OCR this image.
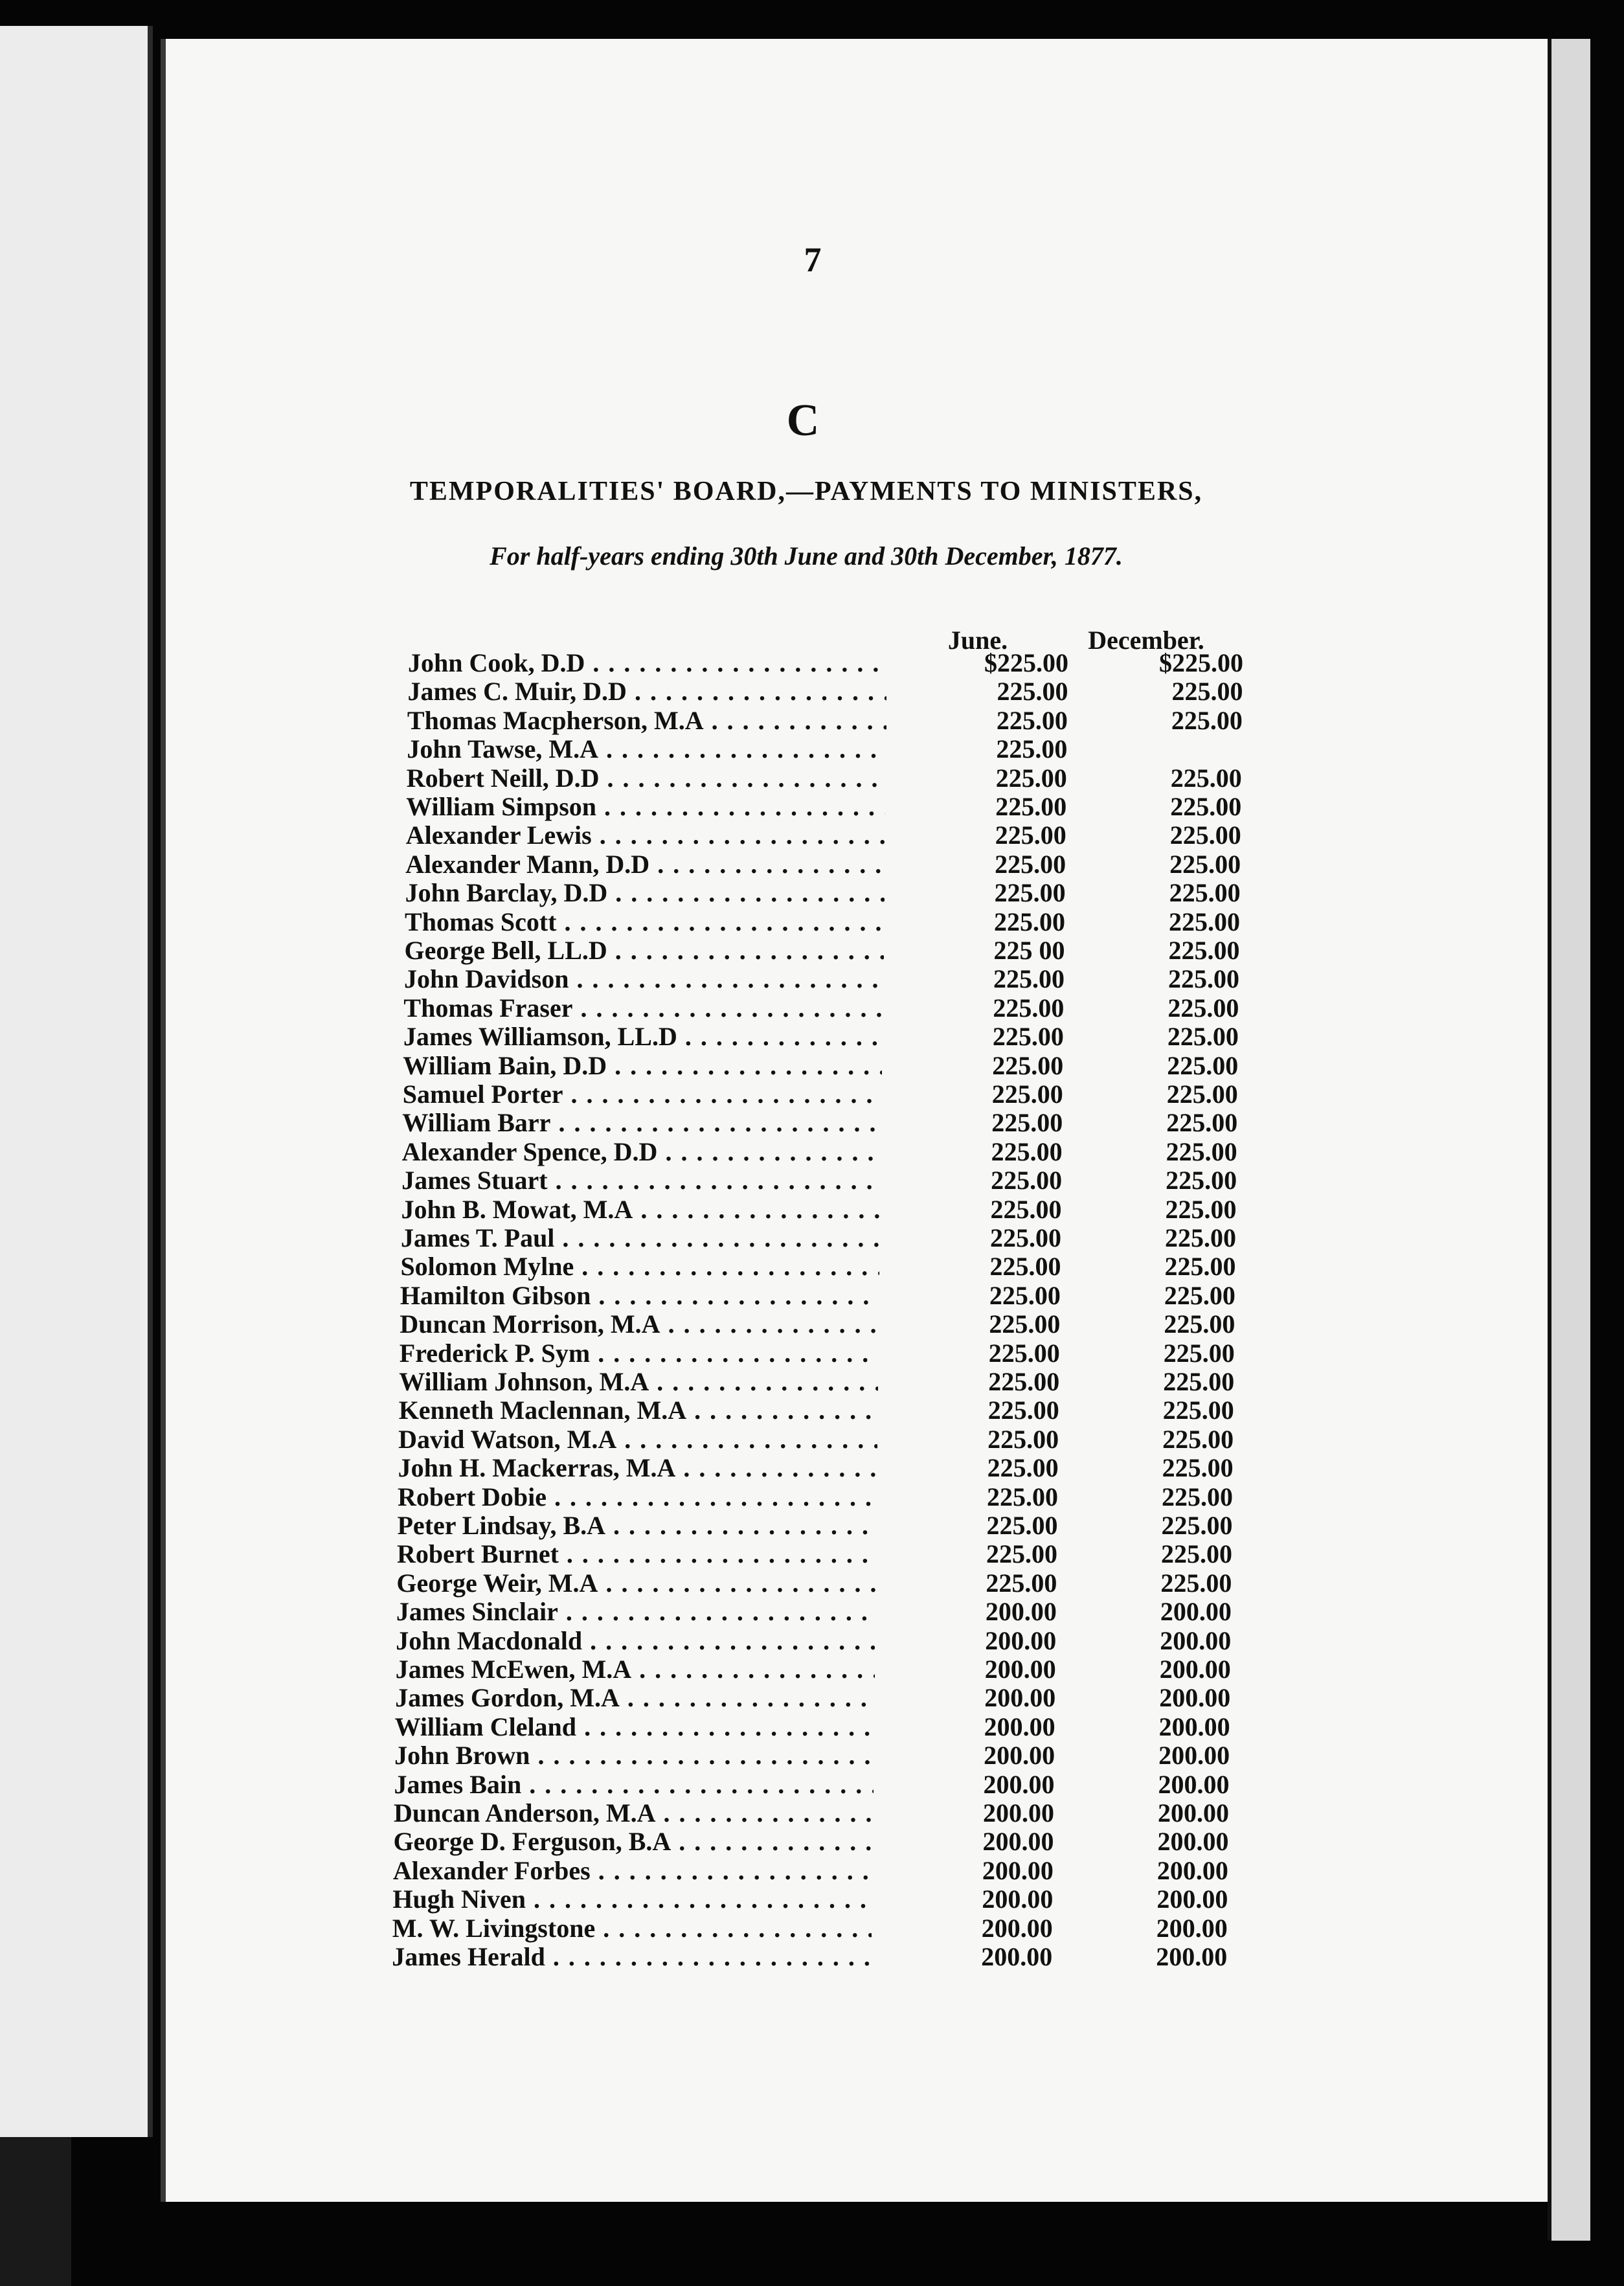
7
C
TEMPORALITIES' BOARD,—PAYMENTS TO MINISTERS,
For half-years ending 30th June and 30th December, 1877.
June.	December.
John Cook, D.D . . .	$225.00	$225.00
James C. Muir, D.D . . .	225.00	225.00
Thomas Macpherson, M.A . . .	225.00	225.00
John Tawse, M.A . . .	225.00
Robert Neill, D.D . . .	225.00	225.00
William Simpson . . .	225.00	225.00
Alexander Lewis . . .	225.00	225.00
Alexander Mann, D.D . . .	225.00	225.00
John Barclay, D.D . . .	225.00	225.00
Thomas Scott . . .	225.00	225.00
George Bell, LL.D . . .	225 00	225.00
John Davidson . . .	225.00	225.00
Thomas Fraser . . .	225.00	225.00
James Williamson, LL.D . . .	225.00	225.00
William Bain, D.D . . .	225.00	225.00
Samuel Porter . . .	225.00	225.00
William Barr . . .	225.00	225.00
Alexander Spence, D.D . . .	225.00	225.00
James Stuart . . .	225.00	225.00
John B. Mowat, M.A . . .	225.00	225.00
James T. Paul . . .	225.00	225.00
Solomon Mylne . . .	225.00	225.00
Hamilton Gibson . . .	225.00	225.00
Duncan Morrison, M.A . . .	225.00	225.00
Frederick P. Sym . . .	225.00	225.00
William Johnson, M.A . . .	225.00	225.00
Kenneth Maclennan, M.A . . .	225.00	225.00
David Watson, M.A . . .	225.00	225.00
John H. Mackerras, M.A . . .	225.00	225.00
Robert Dobie . . .	225.00	225.00
Peter Lindsay, B.A . . .	225.00	225.00
Robert Burnet . . .	225.00	225.00
George Weir, M.A . . .	225.00	225.00
James Sinclair . . .	200.00	200.00
John Macdonald . . .	200.00	200.00
James McEwen, M.A . . .	200.00	200.00
James Gordon, M.A . . .	200.00	200.00
William Cleland . . .	200.00	200.00
John Brown . . .	200.00	200.00
James Bain . . .	200.00	200.00
Duncan Anderson, M.A . . .	200.00	200.00
George D. Ferguson, B.A . . .	200.00	200.00
Alexander Forbes . . .	200.00	200.00
Hugh Niven . . .	200.00	200.00
M. W. Livingstone . . .	200.00	200.00
James Herald . . .	200.00	200.00
